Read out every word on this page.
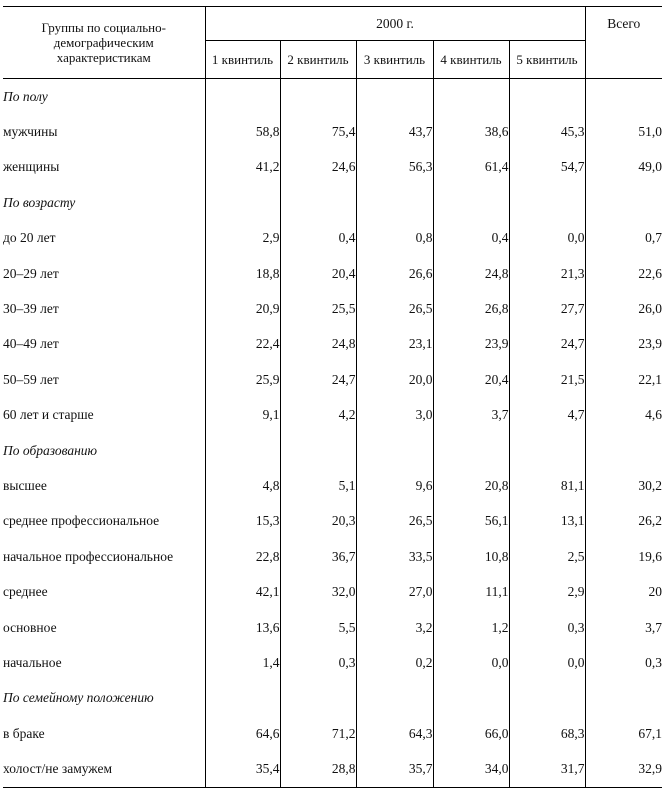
Группы по социально-демографическим характеристикам	2000 г.					Всего
	1 квинтиль	2 квинтиль	3 квинтиль	4 квинтиль	5 квинтиль	
По полу						
мужчины	58,8	75,4	43,7	38,6	45,3	51,0
женщины	41,2	24,6	56,3	61,4	54,7	49,0
По возрасту						
до 20 лет	2,9	0,4	0,8	0,4	0,0	0,7
20–29 лет	18,8	20,4	26,6	24,8	21,3	22,6
30–39 лет	20,9	25,5	26,5	26,8	27,7	26,0
40–49 лет	22,4	24,8	23,1	23,9	24,7	23,9
50–59 лет	25,9	24,7	20,0	20,4	21,5	22,1
60 лет и старше	9,1	4,2	3,0	3,7	4,7	4,6
По образованию						
высшее	4,8	5,1	9,6	20,8	81,1	30,2
среднее профессиональное	15,3	20,3	26,5	56,1	13,1	26,2
начальное профессиональное	22,8	36,7	33,5	10,8	2,5	19,6
среднее	42,1	32,0	27,0	11,1	2,9	20
основное	13,6	5,5	3,2	1,2	0,3	3,7
начальное	1,4	0,3	0,2	0,0	0,0	0,3
По семейному положению						
в браке	64,6	71,2	64,3	66,0	68,3	67,1
холост/не замужем	35,4	28,8	35,7	34,0	31,7	32,9
